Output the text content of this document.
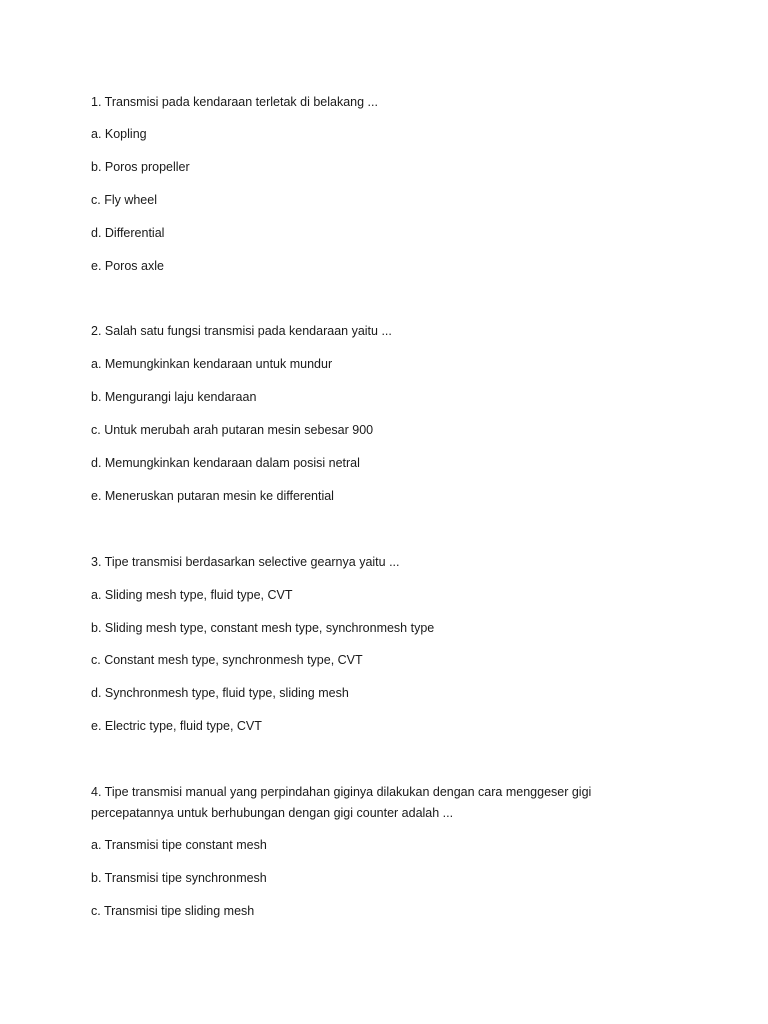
1. Transmisi pada kendaraan terletak di belakang ...
a. Kopling
b. Poros propeller
c. Fly wheel
d. Differential
e. Poros axle
2. Salah satu fungsi transmisi pada kendaraan yaitu ...
a. Memungkinkan kendaraan untuk mundur
b. Mengurangi laju kendaraan
c. Untuk merubah arah putaran mesin sebesar 900
d. Memungkinkan kendaraan dalam posisi netral
e. Meneruskan putaran mesin ke differential
3. Tipe transmisi berdasarkan selective gearnya yaitu ...
a. Sliding mesh type, fluid type, CVT
b. Sliding mesh type, constant mesh type, synchronmesh type
c. Constant mesh type, synchronmesh type, CVT
d. Synchronmesh type, fluid type, sliding mesh
e. Electric type, fluid type, CVT
4. Tipe transmisi manual yang perpindahan giginya dilakukan dengan cara menggeser gigi
percepatannya untuk berhubungan dengan gigi counter adalah ...
a. Transmisi tipe constant mesh
b. Transmisi tipe synchronmesh
c. Transmisi tipe sliding mesh
